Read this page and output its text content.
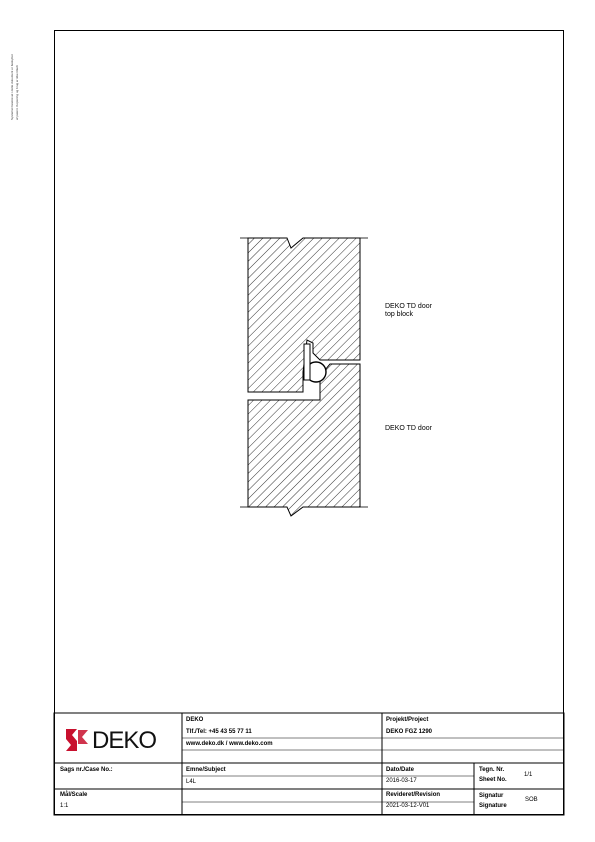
Systemet beskrevet i dette dokument er beskyttet af patent. Kopiering og brug er ikke tilladt
DEKO
DEKO TD door
top block
DEKO TD door
DEKO
Tlf./Tel: +45 43 55 77 11
www.deko.dk / www.deko.com
Projekt/Project
DEKO FGZ 1290
Sags nr./Case No.:	Emne/Subject
L4L
Dato/Date
2016-03-17
Tegn. Nr.
Sheet No.
1/1
Mål/Scale
1:1
Revideret/Revision
2021-03-12-V01
Signatur
Signature
SOB
